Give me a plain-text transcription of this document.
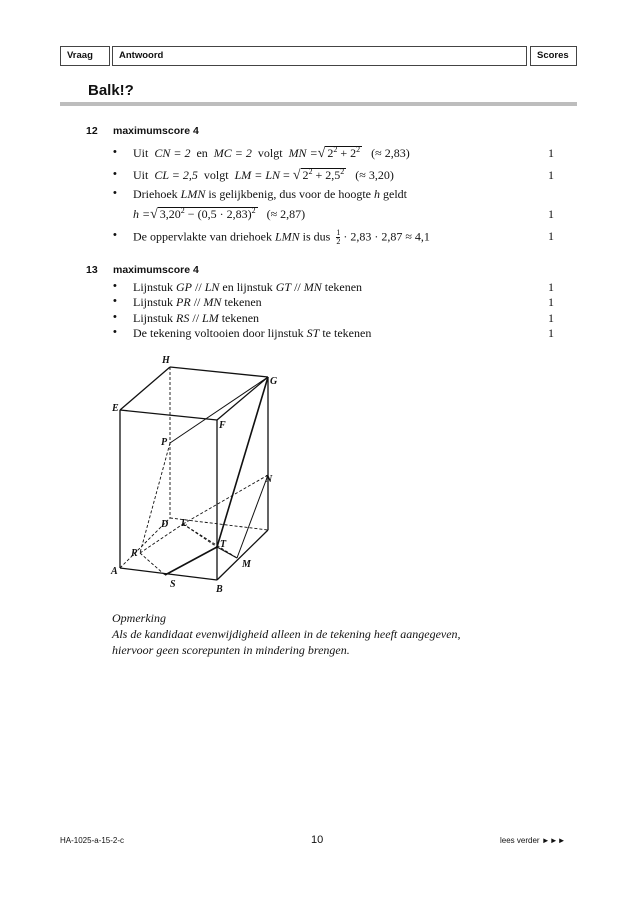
Vraag	Antwoord	Scores
Balk!?
12 maximumscore 4
• Uit CN = 2 en MC = 2 volgt MN =√ $2^2 + 2^2$ (≈ 2,83)	1
• Uit CL = 2,5 volgt LM = LN = √ $2^2 + 2,5^2$ (≈ 3,20)	1
• Driehoek LMN is gelijkbenig, dus voor de hoogte h geldt
h =√ $3,20^2 - (0,5 \cdot 2,83)^2$ (≈ 2,87)	1
• De oppervlakte van driehoek LMN is dus $\frac{1}{2} \cdot 2,83 \cdot 2,87 \approx 4,1$	1
13 maximumscore 4
• Lijnstuk GP // LN en lijnstuk GT // MN tekenen	1
• Lijnstuk PR // MN tekenen	1
• Lijnstuk RS // LM tekenen	1
• De tekening voltooien door lijnstuk ST te tekenen	1
H
G
E
F
P
N
D L
T
R
M
A
S	B
Opmerking
Als de kandidaat evenwijdigheid alleen in de tekening heeft aangegeven,
hiervoor geen scorepunten in mindering brengen.
HA-1025-a-15-2-c	10	lees verder ►►►
